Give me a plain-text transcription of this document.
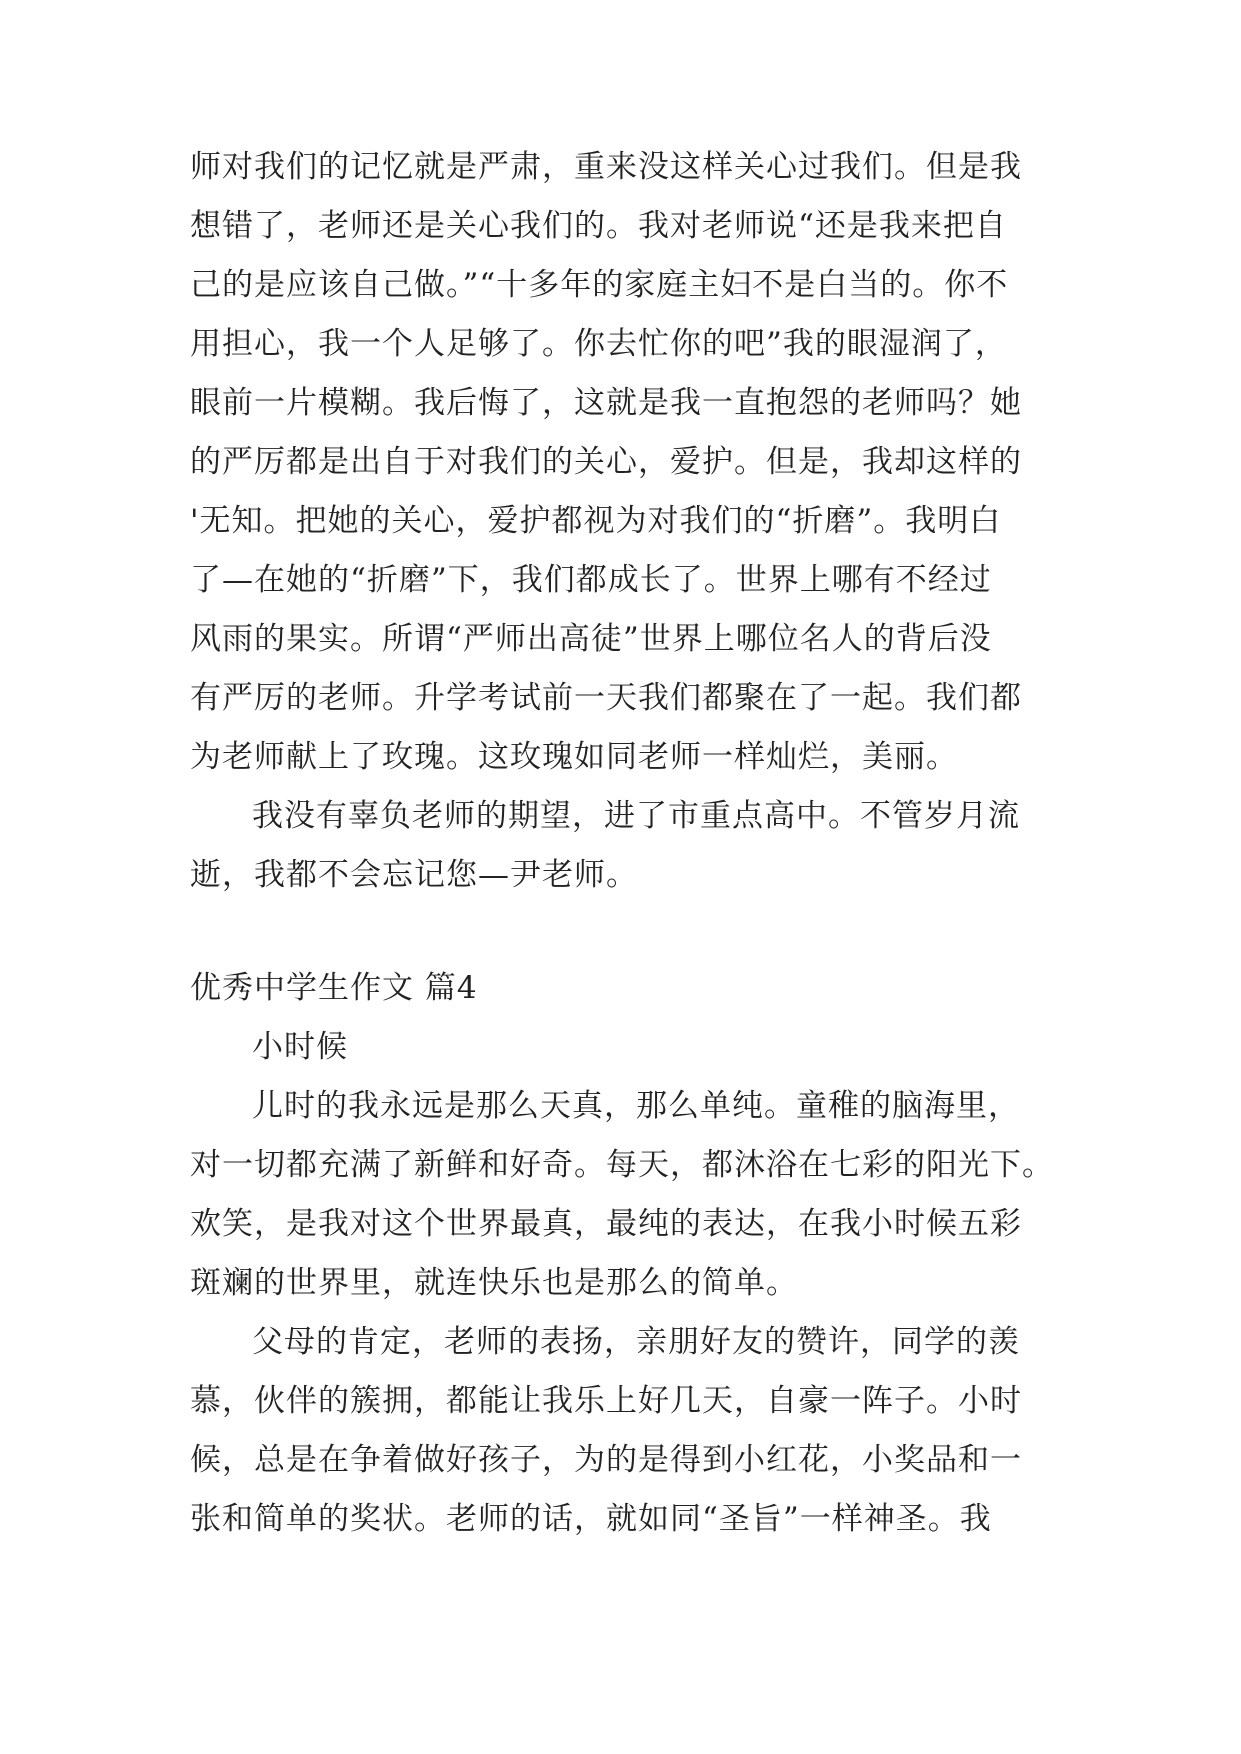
师对我们的记忆就是严肃，重来没这样关心过我们。但是我
想错了，老师还是关心我们的。我对老师说“还是我来把自
己的是应该自己做。”“十多年的家庭主妇不是白当的。你不
用担心，我一个人足够了。你去忙你的吧”我的眼湿润了，
眼前一片模糊。我后悔了，这就是我一直抱怨的老师吗？她
的严厉都是出自于对我们的关心，爱护。但是，我却这样的
'无知。把她的关心，爱护都视为对我们的“折磨”。我明白
了—在她的“折磨”下，我们都成长了。世界上哪有不经过
风雨的果实。所谓“严师出高徒”世界上哪位名人的背后没
有严厉的老师。升学考试前一天我们都聚在了一起。我们都
为老师献上了玫瑰。这玫瑰如同老师一样灿烂，美丽。
我没有辜负老师的期望，进了市重点高中。不管岁月流
逝，我都不会忘记您—尹老师。
优秀中学生作文 篇4
小时候
儿时的我永远是那么天真，那么单纯。童稚的脑海里，
对一切都充满了新鲜和好奇。每天，都沐浴在七彩的阳光下。
欢笑，是我对这个世界最真，最纯的表达，在我小时候五彩
斑斓的世界里，就连快乐也是那么的简单。
父母的肯定，老师的表扬，亲朋好友的赞许，同学的羡
慕，伙伴的簇拥，都能让我乐上好几天，自豪一阵子。小时
候，总是在争着做好孩子，为的是得到小红花，小奖品和一
张和简单的奖状。老师的话，就如同“圣旨”一样神圣。我
